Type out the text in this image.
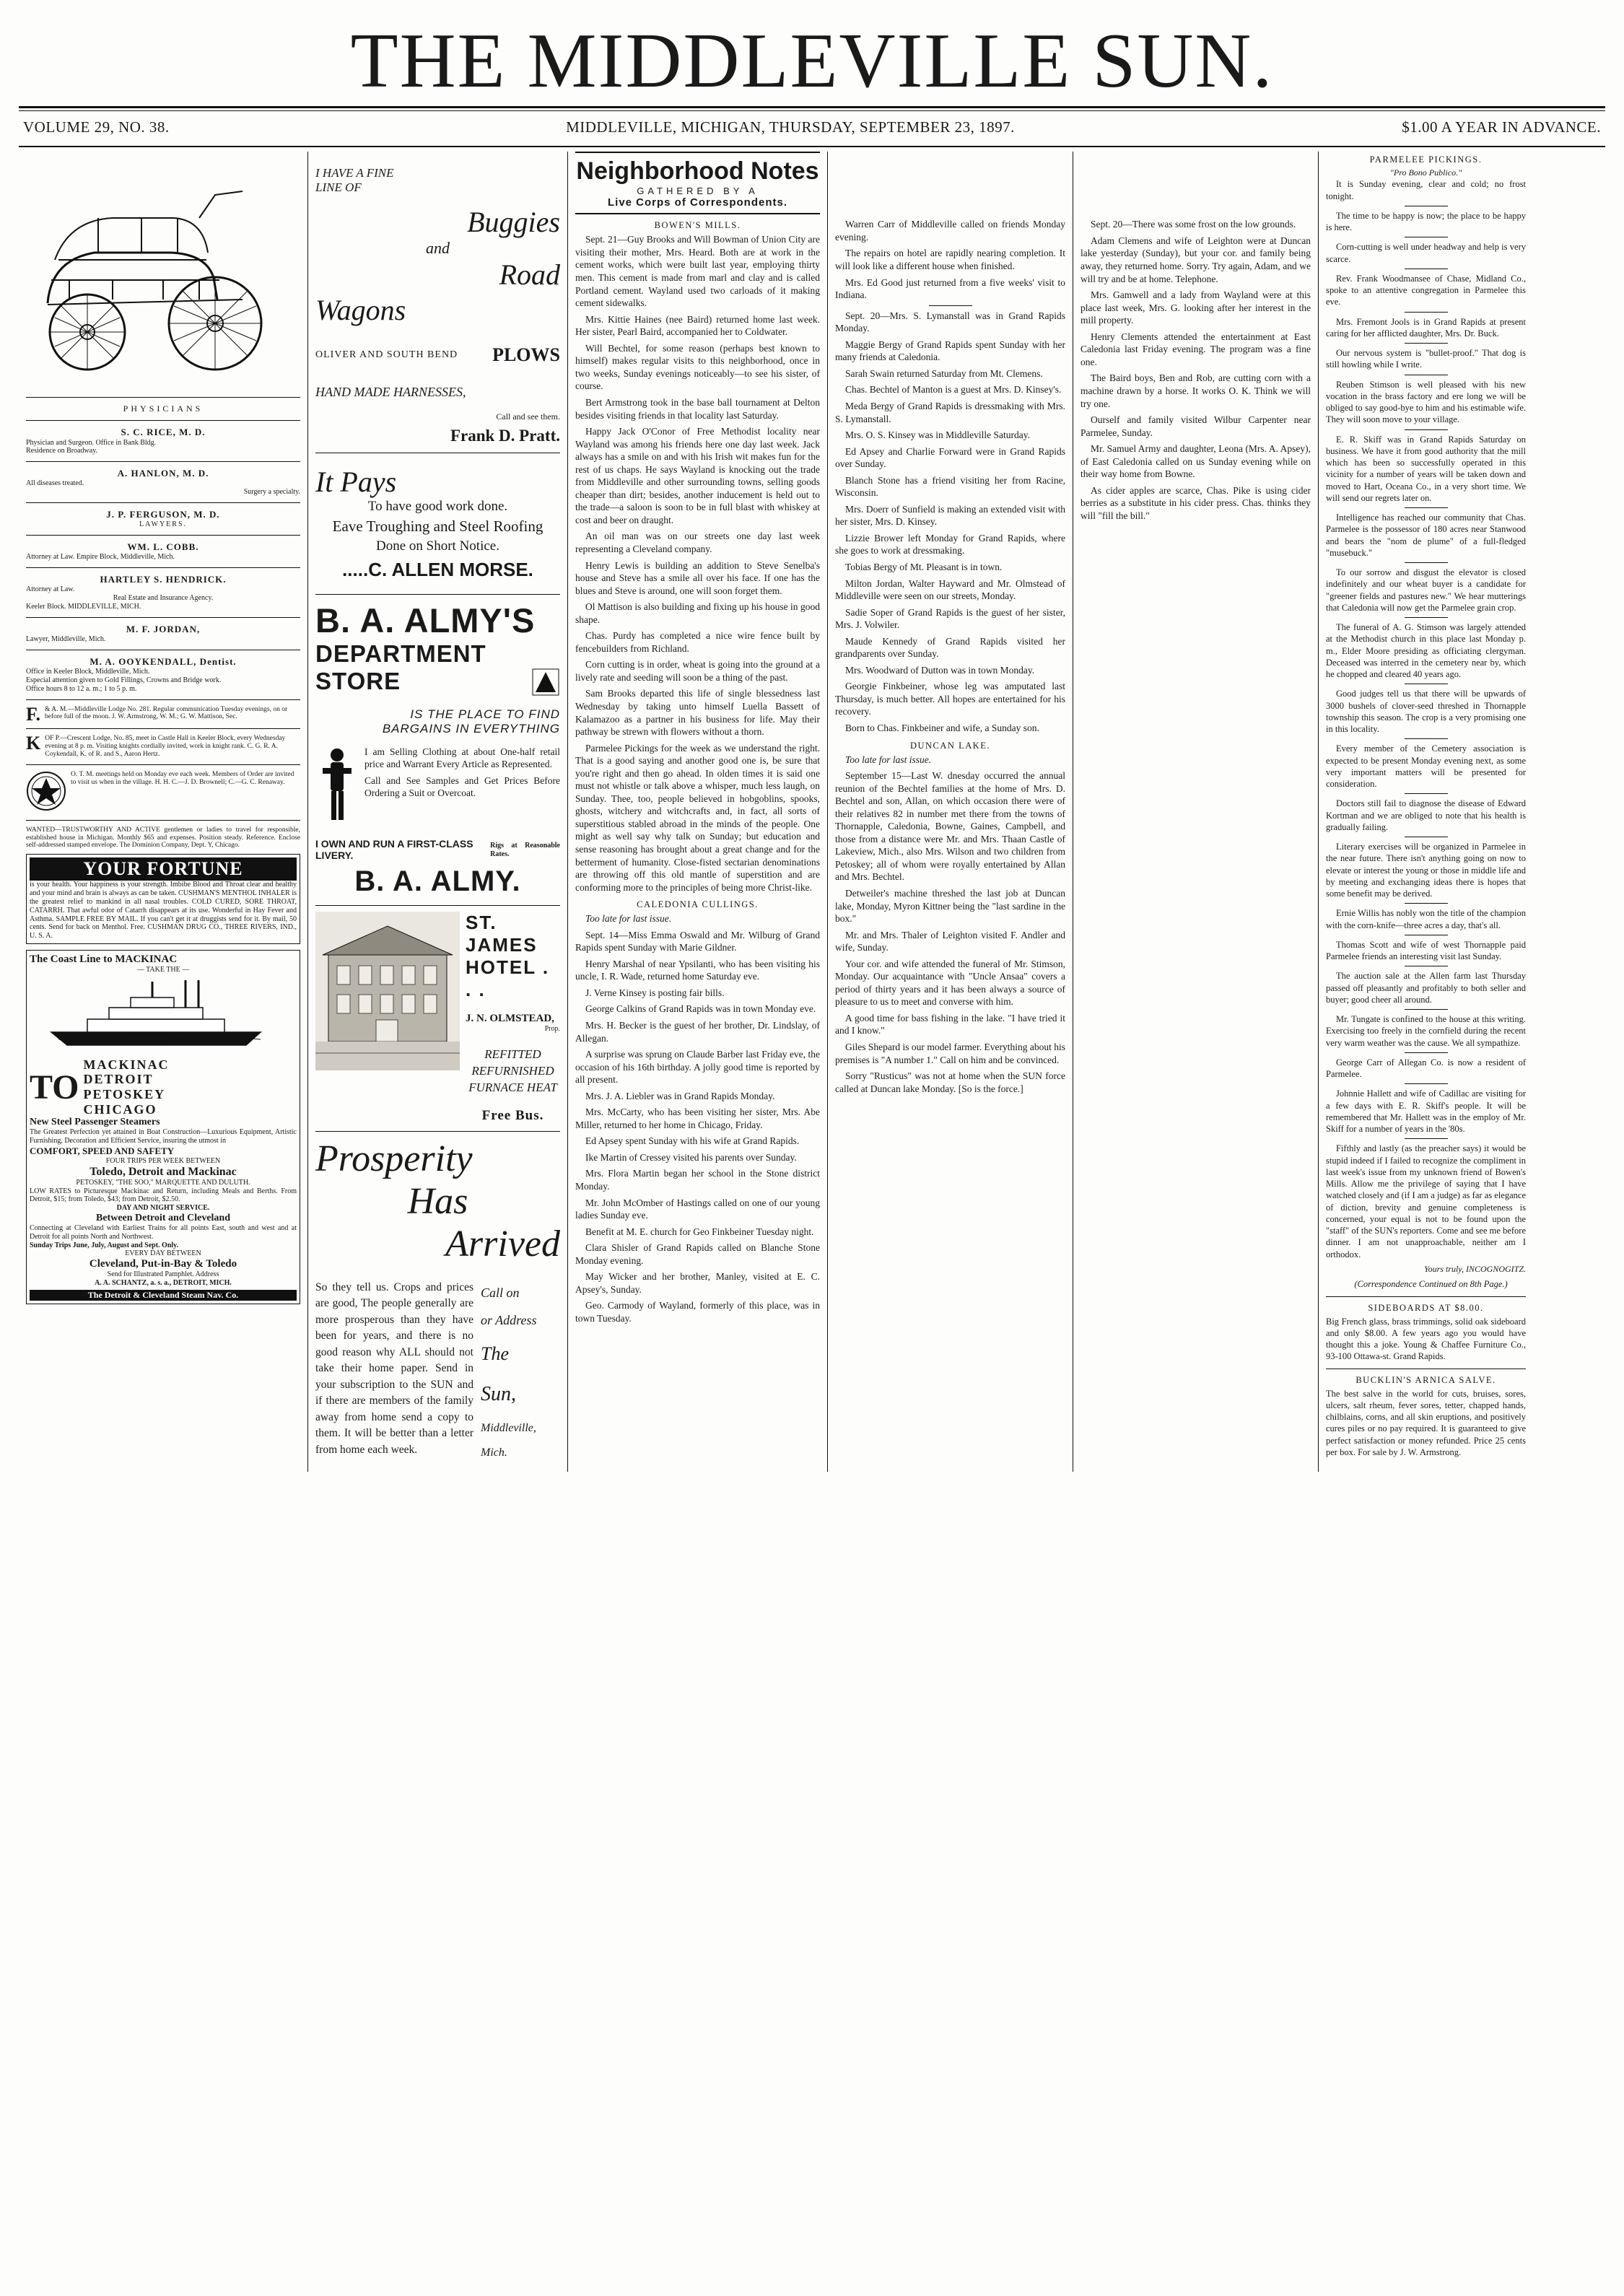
THE MIDDLEVILLE SUN.
VOLUME 29, NO. 38.	MIDDLEVILLE, MICHIGAN, THURSDAY, SEPTEMBER 23, 1897.	$1.00 A YEAR IN ADVANCE.
PHYSICIANS
S. C. RICE, M. D.
Physician and Surgeon. Office in Bank Bldg.
Residence on Broadway.
A. HANLON, M. D.
All diseases treated.
Surgery a specialty.
J. P. FERGUSON, M. D.
LAWYERS.
WM. L. COBB.
Attorney at Law. Empire Block, Middleville, Mich.
HARTLEY S. HENDRICK.
Attorney at Law.
Real Estate and Insurance Agency.
Keeler Block. MIDDLEVILLE, MICH.
M. F. JORDAN,
Lawyer, Middleville, Mich.
M. A. OOYKENDALL, Dentist.
Office in Keeler Block, Middleville, Mich.
Especial attention given to Gold Fillings, Crowns and Bridge work.
Office hours 8 to 12 a. m.; 1 to 5 p. m.
F. & A. M.—Middleville Lodge No. 281. Regular communication Tuesday evenings, on or before full of the moon. J. W. Armstrong, W. M.; G. W. Mattison, Sec.
K OF P.—Crescent Lodge, No. 85, meet in Castle Hall in Keeler Block, every Wednesday evening at 8 p. m. Visiting knights cordially invited, work in knight rank. C. G. R. A. Coykendall, K. of R. and S., Aaron Hertz.
O. T. M. meetings held on Monday eve each week. Members of Order are invited to visit us when in the village. H. H. C.—J. D. Brownell; C.—G. C. Renaway.
WANTED—TRUSTWORTHY AND ACTIVE gentlemen or ladies to travel for responsible, established house in Michigan. Monthly $65 and expenses. Position steady. Reference. Enclose self-addressed stamped envelope. The Dominion Company, Dept. Y, Chicago.
YOUR FORTUNE
is your health. Your happiness is your strength. Imbibe Blood and Throat clear and healthy and your mind and brain is always as can be taken. CUSHMAN'S MENTHOL INHALER is the greatest relief to mankind in all nasal troubles. COLD CURED, SORE THROAT, CATARRH. That awful odor of Catarrh disappears at its use. Wonderful in Hay Fever and Asthma. SAMPLE FREE BY MAIL. If you can't get it at druggists send for it. By mail, 50 cents. Send for back on Menthol. Free. CUSHMAN DRUG CO., THREE RIVERS, IND., U. S. A.
The Coast Line to MACKINAC
— TAKE THE —
TO
MACKINAC
DETROIT
PETOSKEY
CHICAGO
New Steel Passenger Steamers
The Greatest Perfection yet attained in Boat Construction—Luxurious Equipment, Artistic Furnishing, Decoration and Efficient Service, insuring the utmost in
COMFORT, SPEED AND SAFETY
FOUR TRIPS PER WEEK BETWEEN
Toledo, Detroit and Mackinac
PETOSKEY, "THE SOO," MARQUETTE AND DULUTH.
LOW RATES to Picturesque Mackinac and Return, including Meals and Berths. From Detroit, $15; from Toledo, $43; from Detroit, $2.50.
DAY AND NIGHT SERVICE.
Between Detroit and Cleveland
Connecting at Cleveland with Earliest Trains for all points East, south and west and at Detroit for all points North and Northwest.
Sunday Trips June, July, August and Sept. Only.
EVERY DAY BETWEEN
Cleveland, Put-in-Bay & Toledo
Send for Illustrated Pamphlet. Address
A. A. SCHANTZ, a. s. a., DETROIT, MICH.
The Detroit & Cleveland Steam Nav. Co.
I HAVE A FINE
LINE OF
Buggies
and
Road
Wagons
OLIVER AND SOUTH BEND PLOWS
HAND MADE HARNESSES,
Call and see them.
Frank D. Pratt.
It Pays
To have good work done.
Eave Troughing and Steel Roofing
Done on Short Notice.
.....C. ALLEN MORSE.
B. A. ALMY'S
DEPARTMENT
STORE
IS THE PLACE TO FIND
BARGAINS IN EVERYTHING
I am Selling Clothing at about One-half retail price and Warrant Every Article as Represented.
Call and See Samples and Get Prices Before Ordering a Suit or Overcoat.
I OWN AND RUN A FIRST-CLASS LIVERY.
Rigs at Reasonable Rates.
B. A. ALMY.
ST. JAMES
HOTEL . . .
J. N. OLMSTEAD,
Prop.
REFITTED
REFURNISHED
FURNACE HEAT
Free Bus.
Prosperity
Has
Arrived
So they tell us. Crops and prices are good, The people generally are more prosperous than they have been for years, and there is no good reason why ALL should not take their home paper. Send in your subscription to the SUN and if there are members of the family away from home send a copy to them. It will be better than a letter from home each week.
Call on
or Address
The
Sun,
Middleville,
Mich.
Neighborhood Notes
GATHERED BY A
Live Corps of Correspondents.
BOWEN'S MILLS.

Sept. 21—Guy Brooks and Will Bowman of Union City are visiting their mother, Mrs. Heard. Both are at work in the cement works, which were built last year, employing thirty men. This cement is made from marl and clay and is called Portland cement. Wayland used two carloads of it making cement sidewalks.

Mrs. Kittie Haines (nee Baird) returned home last week. Her sister, Pearl Baird, accompanied her to Coldwater.

Will Bechtel, for some reason (perhaps best known to himself) makes regular visits to this neighborhood, once in two weeks, Sunday evenings noticeably—to see his sister, of course.

Bert Armstrong took in the base ball tournament at Delton besides visiting friends in that locality last Saturday.

Happy Jack O'Conor of Free Methodist locality near Wayland was among his friends here one day last week. Jack always has a smile on and with his Irish wit makes fun for the rest of us chaps. He says Wayland is knocking out the trade from Middleville and other surrounding towns, selling goods cheaper than dirt; besides, another inducement is held out to the trade—a saloon is soon to be in full blast with whiskey at cost and beer on draught.

An oil man was on our streets one day last week representing a Cleveland company.

Henry Lewis is building an addition to Steve Senelba's house and Steve has a smile all over his face. If one has the blues and Steve is around, one will soon forget them.

Ol Mattison is also building and fixing up his house in good shape.

Chas. Purdy has completed a nice wire fence built by fencebuilders from Richland.

Corn cutting is in order, wheat is going into the ground at a lively rate and seeding will soon be a thing of the past.

Sam Brooks departed this life of single blessedness last Wednesday by taking unto himself Luella Bassett of Kalamazoo as a partner in his business for life. May their pathway be strewn with flowers without a thorn.

Parmelee Pickings for the week as we understand the right. That is a good saying and another good one is, be sure that you're right and then go ahead. In olden times it is said one must not whistle or talk above a whisper, much less laugh, on Sunday. Thee, too, people believed in hobgoblins, spooks, ghosts, witchery and witchcrafts and, in fact, all sorts of superstitious stabled abroad in the minds of the people. One might as well say why talk on Sunday; but education and sense reasoning has brought about a great change and for the betterment of humanity. Close-fisted sectarian denominations are throwing off this old mantle of superstition and are conforming more to the principles of being more Christ-like.

CALEDONIA CULLINGS.

Too late for last issue.

Sept. 14—Miss Emma Oswald and Mr. Wilburg of Grand Rapids spent Sunday with Marie Gildner.

Henry Marshal of near Ypsilanti, who has been visiting his uncle, I. R. Wade, returned home Saturday eve.

J. Verne Kinsey is posting fair bills.

George Calkins of Grand Rapids was in town Monday eve.

Mrs. H. Becker is the guest of her brother, Dr. Lindslay, of Allegan.

A surprise was sprung on Claude Barber last Friday eve, the occasion of his 16th birthday. A jolly good time is reported by all present.

Mrs. J. A. Liebler was in Grand Rapids Monday.

Mrs. McCarty, who has been visiting her sister, Mrs. Abe Miller, returned to her home in Chicago, Friday.

Ed Apsey spent Sunday with his wife at Grand Rapids.

Ike Martin of Cressey visited his parents over Sunday.

Mrs. Flora Martin began her school in the Stone district Monday.

Mr. John McOmber of Hastings called on one of our young ladies Sunday eve.

Benefit at M. E. church for Geo Finkbeiner Tuesday night.

Clara Shisler of Grand Rapids called on Blanche Stone Monday evening.

May Wicker and her brother, Manley, visited at E. C. Apsey's, Sunday.

Geo. Carmody of Wayland, formerly of this place, was in town Tuesday.

Warren Carr of Middleville called on friends Monday evening.

The repairs on hotel are rapidly nearing completion. It will look like a different house when finished.

Mrs. Ed Good just returned from a five weeks' visit to Indiana.

Sept. 20—Mrs. S. Lymanstall was in Grand Rapids Monday.

Maggie Bergy of Grand Rapids spent Sunday with her many friends at Caledonia.

Sarah Swain returned Saturday from Mt. Clemens.

Chas. Bechtel of Manton is a guest at Mrs. D. Kinsey's.

Meda Bergy of Grand Rapids is dressmaking with Mrs. S. Lymanstall.

Mrs. O. S. Kinsey was in Middleville Saturday.

Ed Apsey and Charlie Forward were in Grand Rapids over Sunday.

Blanch Stone has a friend visiting her from Racine, Wisconsin.

Mrs. Doerr of Sunfield is making an extended visit with her sister, Mrs. D. Kinsey.

Lizzie Brower left Monday for Grand Rapids, where she goes to work at dressmaking.

Tobias Bergy of Mt. Pleasant is in town.

Milton Jordan, Walter Hayward and Mr. Olmstead of Middleville were seen on our streets, Monday.

Sadie Soper of Grand Rapids is the guest of her sister, Mrs. J. Volwiler.

Maude Kennedy of Grand Rapids visited her grandparents over Sunday.

Mrs. Woodward of Dutton was in town Monday.

Georgie Finkbeiner, whose leg was amputated last Thursday, is much better. All hopes are entertained for his recovery.

Born to Chas. Finkbeiner and wife, a Sunday son.

DUNCAN LAKE.

Too late for last issue.

September 15—Last W. dnesday occurred the annual reunion of the Bechtel families at the home of Mrs. D. Bechtel and son, Allan, on which occasion there were of their relatives 82 in number met there from the towns of Thornapple, Caledonia, Bowne, Gaines, Campbell, and those from a distance were Mr. and Mrs. Thaan Castle of Lakeview, Mich., also Mrs. Wilson and two children from Petoskey; all of whom were royally entertained by Allan and Mrs. Bechtel.

Detweiler's machine threshed the last job at Duncan lake, Monday, Myron Kittner being the "last sardine in the box."

Mr. and Mrs. Thaler of Leighton visited F. Andler and wife, Sunday.

Your cor. and wife attended the funeral of Mr. Stimson, Monday. Our acquaintance with "Uncle Ansaa" covers a period of thirty years and it has been always a source of pleasure to us to meet and converse with him.

A good time for bass fishing in the lake. "I have tried it and I know."

Giles Shepard is our model farmer. Everything about his premises is "A number 1." Call on him and be convinced.

Sorry "Rusticus" was not at home when the SUN force called at Duncan lake Monday. [So is the force.]

Sept. 20—There was some frost on the low grounds.

Adam Clemens and wife of Leighton were at Duncan lake yesterday (Sunday), but your cor. and family being away, they returned home. Sorry. Try again, Adam, and we will try and be at home. Telephone.

Mrs. Gamwell and a lady from Wayland were at this place last week, Mrs. G. looking after her interest in the mill property.

Henry Clements attended the entertainment at East Caledonia last Friday evening. The program was a fine one.

The Baird boys, Ben and Rob, are cutting corn with a machine drawn by a horse. It works O. K. Think we will try one.

Ourself and family visited Wilbur Carpenter near Parmelee, Sunday.

Mr. Samuel Army and daughter, Leona (Mrs. A. Apsey), of East Caledonia called on us Sunday evening while on their way home from Bowne.

As cider apples are scarce, Chas. Pike is using cider berries as a substitute in his cider press. Chas. thinks they will "fill the bill."

PARMELEE PICKINGS.
"Pro Bono Publico."

It is Sunday evening, clear and cold; no frost tonight.

The time to be happy is now; the place to be happy is here.

Corn-cutting is well under headway and help is very scarce.

Rev. Frank Woodmansee of Chase, Midland Co., spoke to an attentive congregation in Parmelee this eve.

Mrs. Fremont Jools is in Grand Rapids at present caring for her afflicted daughter, Mrs. Dr. Buck.

Our nervous system is "bullet-proof." That dog is still howling while I write.

Reuben Stimson is well pleased with his new vocation in the brass factory and ere long we will be obliged to say good-bye to him and his estimable wife. They will soon move to your village.

E. R. Skiff was in Grand Rapids Saturday on business. We have it from good authority that the mill which has been so successfully operated in this vicinity for a number of years will be taken down and moved to Hart, Oceana Co., in a very short time. We will send our regrets later on.

Intelligence has reached our community that Chas. Parmelee is the possessor of 180 acres near Stanwood and bears the "nom de plume" of a full-fledged "musebuck."

To our sorrow and disgust the elevator is closed indefinitely and our wheat buyer is a candidate for "greener fields and pastures new." We hear mutterings that Caledonia will now get the Parmelee grain crop.

The funeral of A. G. Stimson was largely attended at the Methodist church in this place last Monday p. m., Elder Moore presiding as officiating clergyman. Deceased was interred in the cemetery near by, which he chopped and cleared 40 years ago.

Good judges tell us that there will be upwards of 3000 bushels of clover-seed threshed in Thornapple township this season. The crop is a very promising one in this locality.

Every member of the Cemetery association is expected to be present Monday evening next, as some very important matters will be presented for consideration.

Doctors still fail to diagnose the disease of Edward Kortman and we are obliged to note that his health is gradually failing.

Literary exercises will be organized in Parmelee in the near future. There isn't anything going on now to elevate or interest the young or those in middle life and by meeting and exchanging ideas there is hopes that some benefit may be derived.

Ernie Willis has nobly won the title of the champion with the corn-knife—three acres a day, that's all.

Thomas Scott and wife of west Thornapple paid Parmelee friends an interesting visit last Sunday.

The auction sale at the Allen farm last Thursday passed off pleasantly and profitably to both seller and buyer; good cheer all around.

Mr. Tungate is confined to the house at this writing. Exercising too freely in the cornfield during the recent very warm weather was the cause. We all sympathize.

George Carr of Allegan Co. is now a resident of Parmelee.

Johnnie Hallett and wife of Cadillac are visiting for a few days with E. R. Skiff's people. It will be remembered that Mr. Hallett was in the employ of Mr. Skiff for a number of years in the '80s.

Fifthly and lastly (as the preacher says) it would be stupid indeed if I failed to recognize the compliment in last week's issue from my unknown friend of Bowen's Mills. Allow me the privilege of saying that I have watched closely and (if I am a judge) as far as elegance of diction, brevity and genuine completeness is concerned, your equal is not to be found upon the "staff" of the SUN's reporters. Come and see me before dinner. I am not unapproachable, neither am I orthodox.

Yours truly, INCOGNOGITZ.

(Correspondence Continued on 8th Page.)

SIDEBOARDS AT $8.00.
Big French glass, brass trimmings, solid oak sideboard and only $8.00. A few years ago you would have thought this a joke. Young & Chaffee Furniture Co., 93-100 Ottawa-st. Grand Rapids.
BUCKLIN'S ARNICA SALVE.
The best salve in the world for cuts, bruises, sores, ulcers, salt rheum, fever sores, tetter, chapped hands, chilblains, corns, and all skin eruptions, and positively cures piles or no pay required. It is guaranteed to give perfect satisfaction or money refunded. Price 25 cents per box. For sale by J. W. Armstrong.
